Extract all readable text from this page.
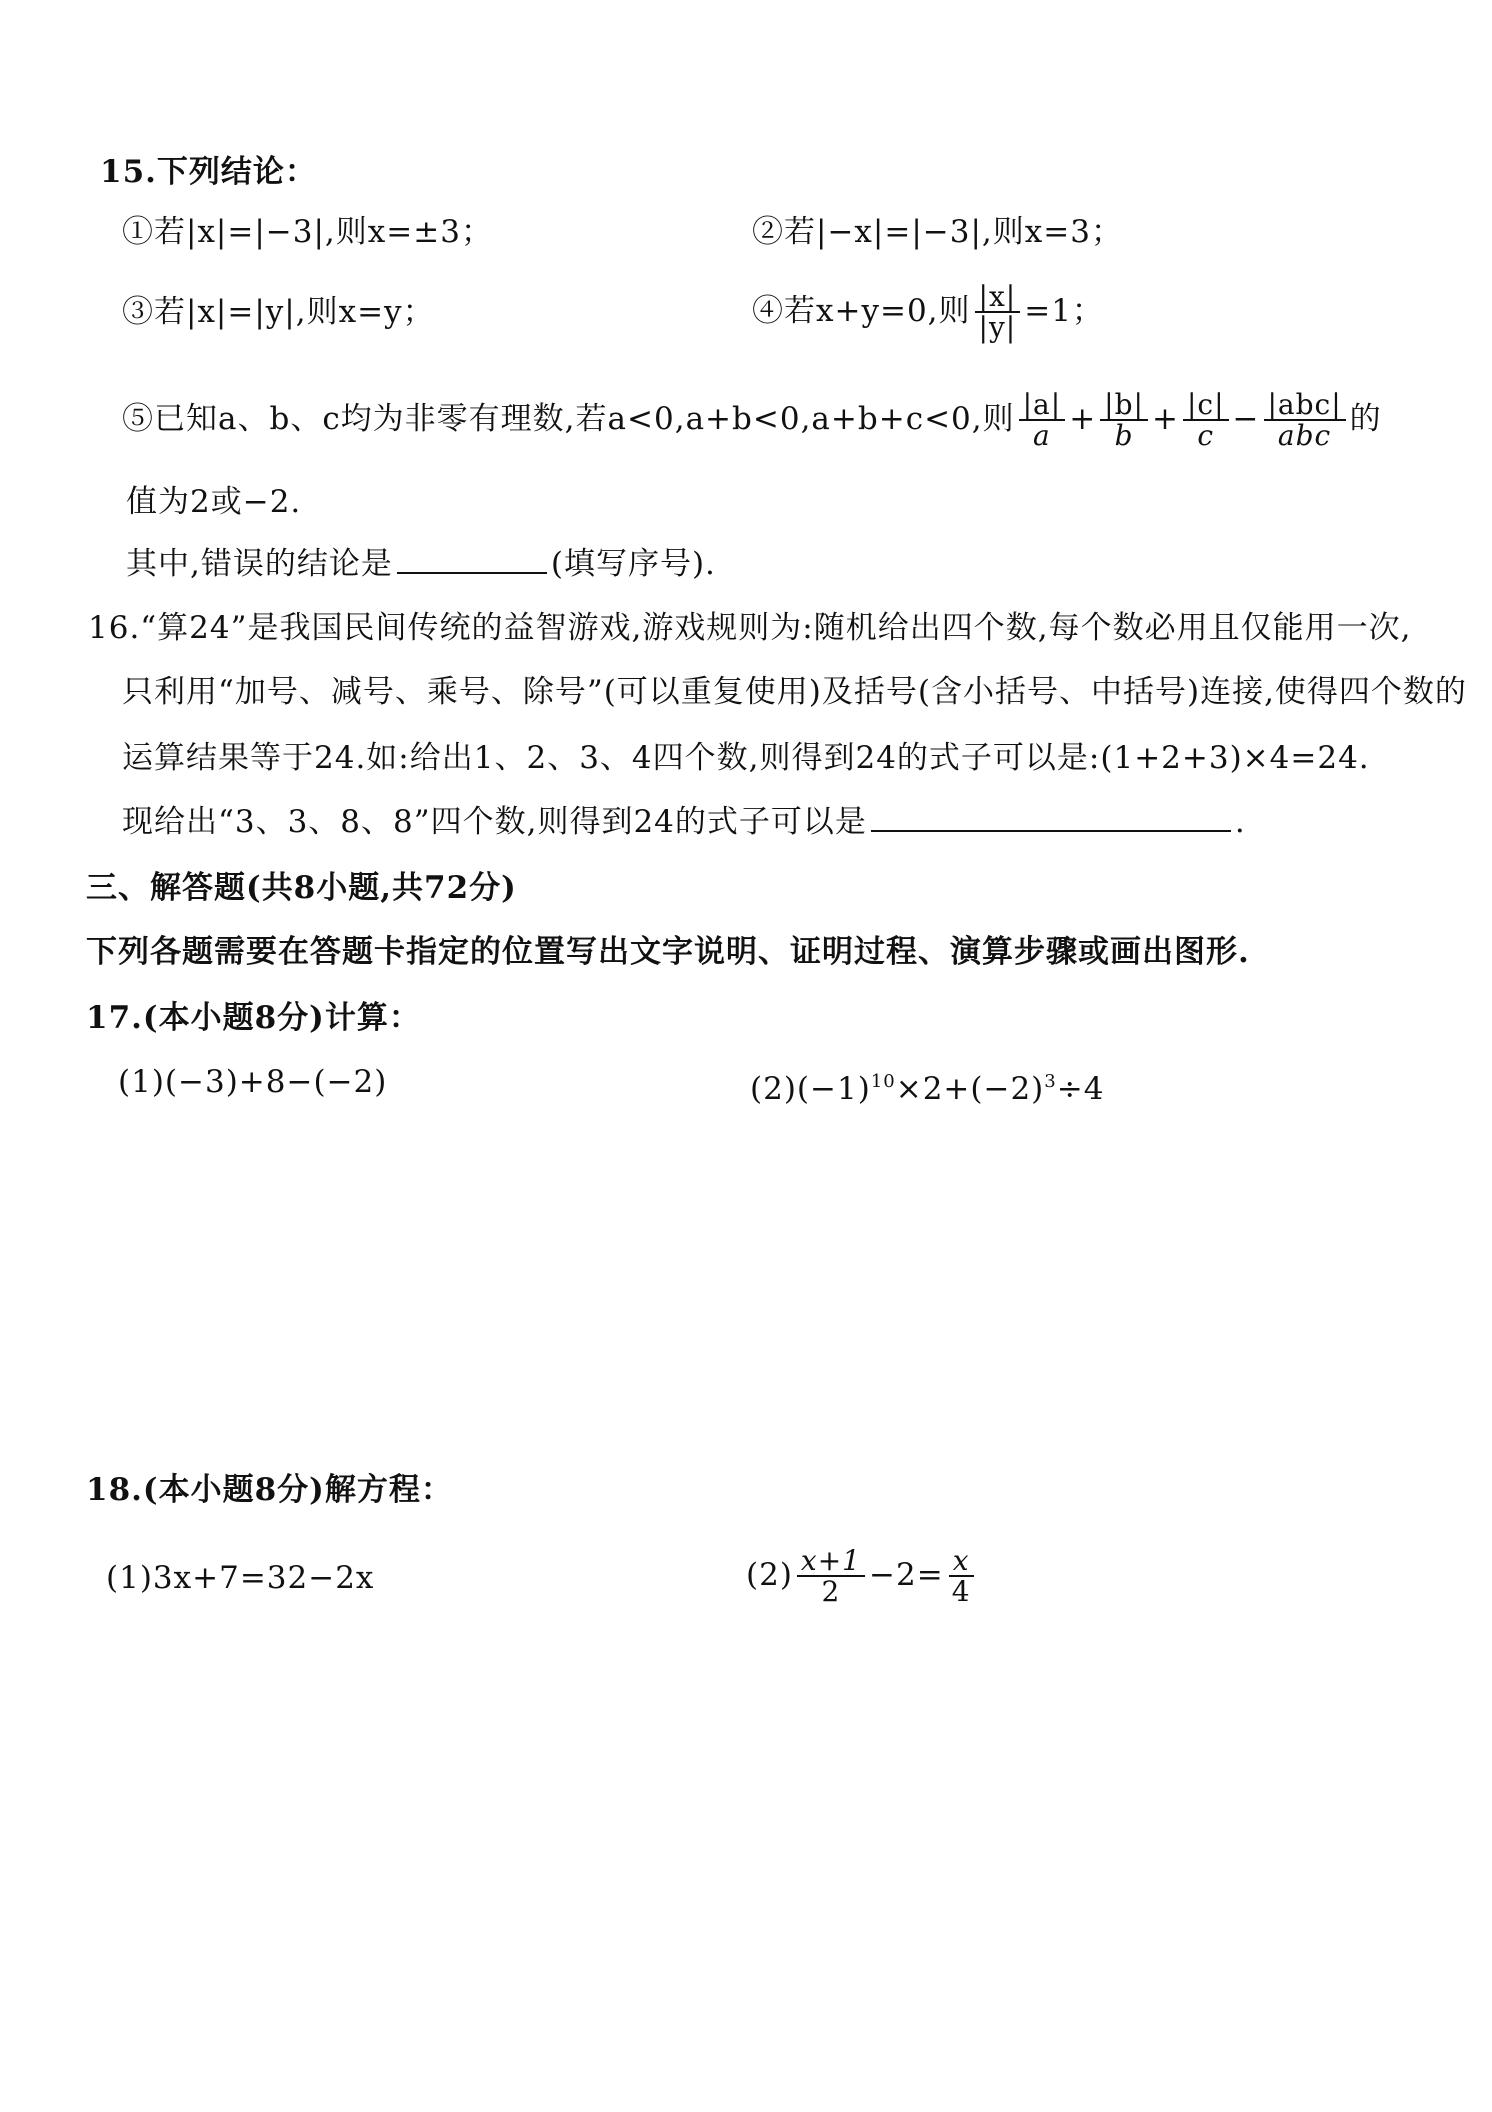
15.下列结论：
①若|x|=|−3|,则x=±3；	②若|−x|=|−3|,则x=3；
③若|x|=|y|,则x=y；	④若x+y=0,则 $\frac{|x|}{|y|} =1$；
⑤已知a、b、c均为非零有理数,若a<0,a+b<0,a+b+c<0,则 $\frac{|a|}{a} + \frac{|b|}{b} + \frac{|c|}{c} - \frac{\text{|abc|}}{\text{abc}}$ 的
值为2或−2.
其中,错误的结论是	(填写序号).
16.“算24”是我国民间传统的益智游戏,游戏规则为:随机给出四个数,每个数必用且仅能用一次,
只利用“加号、减号、乘号、除号”(可以重复使用)及括号(含小括号、中括号)连接,使得四个数的
运算结果等于24.如:给出1、2、3、4四个数,则得到24的式子可以是:(1+2+3)×4=24.
现给出“3、3、8、8”四个数,则得到24的式子可以是	.
三、解答题(共8小题,共72分)
下列各题需要在答题卡指定的位置写出文字说明、证明过程、演算步骤或画出图形.
17.(本小题8分)计算：
(1)(−3)+8−(−2)	$(2)(-1)^{10}\times 2+(-2)^3\div 4$
18.(本小题8分)解方程：
(1)3x+7=32−2x	$(2) \frac{x+1}{2} -2= \frac{x}{4}$
